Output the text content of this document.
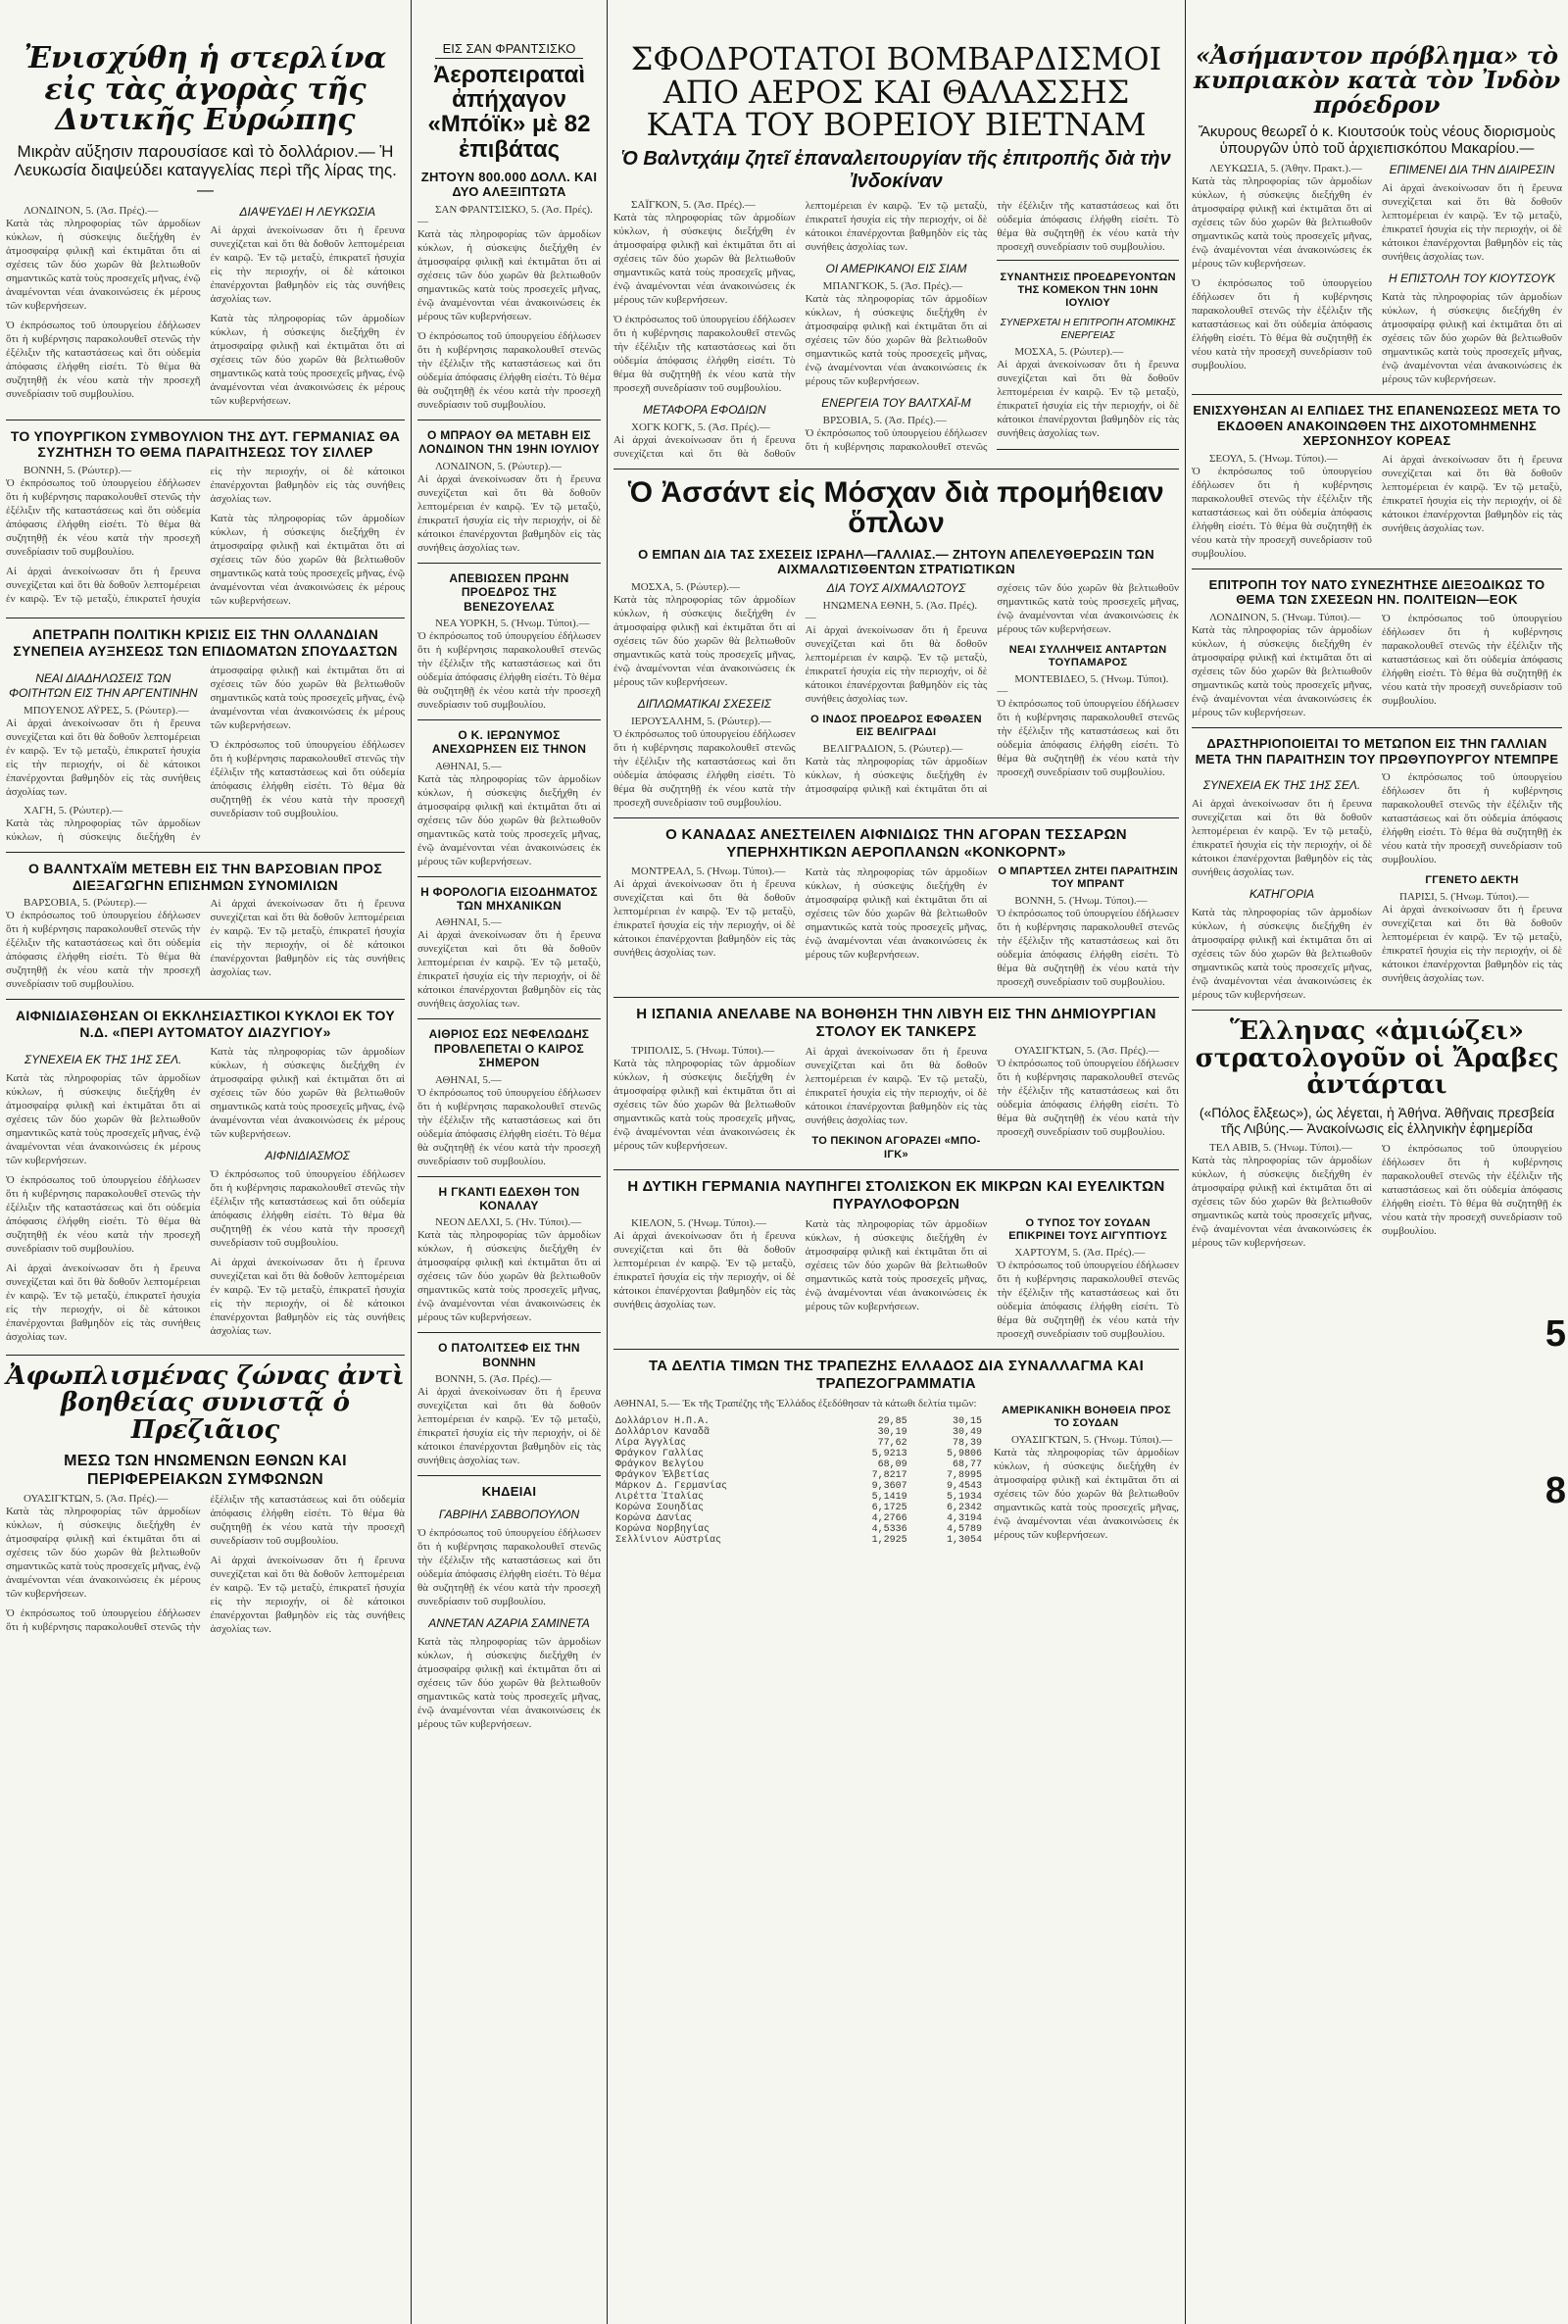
Ἐνισχύθη ἡ στερλίνα εἰς τὰς ἀγορὰς τῆς Δυτικῆς Εὐρώπης
Μικρὰν αὔξησιν παρουσίασε καὶ τὸ δολλάριον.— Ἡ Λευκωσία διαψεύδει καταγγελίας περὶ τῆς λίρας της.—

ΛΟΝΔΙΝΟΝ, 5. (Ἀσ. Πρές).—

Κατὰ τὰς πληροφορίας τῶν ἁρμοδίων κύκλων, ἡ σύσκεψις διεξήχθη ἐν ἀτμοσφαίρᾳ φιλικῇ καὶ ἐκτιμᾶται ὅτι αἱ σχέσεις τῶν δύο χωρῶν θὰ βελτιωθοῦν σημαντικῶς κατὰ τοὺς προσεχεῖς μῆνας, ἐνῷ ἀναμένονται νέαι ἀνακοινώσεις ἐκ μέρους τῶν κυβερνήσεων.

Ὁ ἐκπρόσωπος τοῦ ὑπουργείου ἐδήλωσεν ὅτι ἡ κυβέρνησις παρακολουθεῖ στενῶς τὴν ἐξέλιξιν τῆς καταστάσεως καὶ ὅτι οὐδεμία ἀπόφασις ἐλήφθη εἰσέτι. Τὸ θέμα θὰ συζητηθῇ ἐκ νέου κατὰ τὴν προσεχῆ συνεδρίασιν τοῦ συμβουλίου.

ΔΙΑΨΕΥΔΕΙ Η ΛΕΥΚΩΣΙΑ

Αἱ ἀρχαὶ ἀνεκοίνωσαν ὅτι ἡ ἔρευνα συνεχίζεται καὶ ὅτι θὰ δοθοῦν λεπτομέρειαι ἐν καιρῷ. Ἐν τῷ μεταξὺ, ἐπικρατεῖ ἡσυχία εἰς τὴν περιοχήν, οἱ δὲ κάτοικοι ἐπανέρχονται βαθμηδὸν εἰς τὰς συνήθεις ἀσχολίας των.

Κατὰ τὰς πληροφορίας τῶν ἁρμοδίων κύκλων, ἡ σύσκεψις διεξήχθη ἐν ἀτμοσφαίρᾳ φιλικῇ καὶ ἐκτιμᾶται ὅτι αἱ σχέσεις τῶν δύο χωρῶν θὰ βελτιωθοῦν σημαντικῶς κατὰ τοὺς προσεχεῖς μῆνας, ἐνῷ ἀναμένονται νέαι ἀνακοινώσεις ἐκ μέρους τῶν κυβερνήσεων.

ΤΟ ΥΠΟΥΡΓΙΚΟΝ ΣΥΜΒΟΥΛΙΟΝ ΤΗΣ ΔΥΤ. ΓΕΡΜΑΝΙΑΣ ΘΑ ΣΥΖΗΤΗΣΗ ΤΟ ΘΕΜΑ ΠΑΡΑΙΤΗΣΕΩΣ ΤΟΥ ΣΙΛΛΕΡ

ΒΟΝΝΗ, 5. (Ρώυτερ).—

Ὁ ἐκπρόσωπος τοῦ ὑπουργείου ἐδήλωσεν ὅτι ἡ κυβέρνησις παρακολουθεῖ στενῶς τὴν ἐξέλιξιν τῆς καταστάσεως καὶ ὅτι οὐδεμία ἀπόφασις ἐλήφθη εἰσέτι. Τὸ θέμα θὰ συζητηθῇ ἐκ νέου κατὰ τὴν προσεχῆ συνεδρίασιν τοῦ συμβουλίου.

Αἱ ἀρχαὶ ἀνεκοίνωσαν ὅτι ἡ ἔρευνα συνεχίζεται καὶ ὅτι θὰ δοθοῦν λεπτομέρειαι ἐν καιρῷ. Ἐν τῷ μεταξὺ, ἐπικρατεῖ ἡσυχία εἰς τὴν περιοχήν, οἱ δὲ κάτοικοι ἐπανέρχονται βαθμηδὸν εἰς τὰς συνήθεις ἀσχολίας των.

Κατὰ τὰς πληροφορίας τῶν ἁρμοδίων κύκλων, ἡ σύσκεψις διεξήχθη ἐν ἀτμοσφαίρᾳ φιλικῇ καὶ ἐκτιμᾶται ὅτι αἱ σχέσεις τῶν δύο χωρῶν θὰ βελτιωθοῦν σημαντικῶς κατὰ τοὺς προσεχεῖς μῆνας, ἐνῷ ἀναμένονται νέαι ἀνακοινώσεις ἐκ μέρους τῶν κυβερνήσεων.

ΑΠΕΤΡΑΠΗ ΠΟΛΙΤΙΚΗ ΚΡΙΣΙΣ ΕΙΣ ΤΗΝ ΟΛΛΑΝΔΙΑΝ ΣΥΝΕΠΕΙΑ ΑΥΞΗΣΕΩΣ ΤΩΝ ΕΠΙΔΟΜΑΤΩΝ ΣΠΟΥΔΑΣΤΩΝ
ΝΕΑΙ ΔΙΑΔΗΛΩΣΕΙΣ ΤΩΝ ΦΟΙΤΗΤΩΝ ΕΙΣ ΤΗΝ ΑΡΓΕΝΤΙΝΗΝ

ΜΠΟΥΕΝΟΣ ΑΫΡΕΣ, 5. (Ρώυτερ).—

Αἱ ἀρχαὶ ἀνεκοίνωσαν ὅτι ἡ ἔρευνα συνεχίζεται καὶ ὅτι θὰ δοθοῦν λεπτομέρειαι ἐν καιρῷ. Ἐν τῷ μεταξὺ, ἐπικρατεῖ ἡσυχία εἰς τὴν περιοχήν, οἱ δὲ κάτοικοι ἐπανέρχονται βαθμηδὸν εἰς τὰς συνήθεις ἀσχολίας των.

ΧΑΓΗ, 5. (Ρώυτερ).—

Κατὰ τὰς πληροφορίας τῶν ἁρμοδίων κύκλων, ἡ σύσκεψις διεξήχθη ἐν ἀτμοσφαίρᾳ φιλικῇ καὶ ἐκτιμᾶται ὅτι αἱ σχέσεις τῶν δύο χωρῶν θὰ βελτιωθοῦν σημαντικῶς κατὰ τοὺς προσεχεῖς μῆνας, ἐνῷ ἀναμένονται νέαι ἀνακοινώσεις ἐκ μέρους τῶν κυβερνήσεων.

Ὁ ἐκπρόσωπος τοῦ ὑπουργείου ἐδήλωσεν ὅτι ἡ κυβέρνησις παρακολουθεῖ στενῶς τὴν ἐξέλιξιν τῆς καταστάσεως καὶ ὅτι οὐδεμία ἀπόφασις ἐλήφθη εἰσέτι. Τὸ θέμα θὰ συζητηθῇ ἐκ νέου κατὰ τὴν προσεχῆ συνεδρίασιν τοῦ συμβουλίου.

Ο ΒΑΛΝΤΧΑΪΜ ΜΕΤΕΒΗ ΕΙΣ ΤΗΝ ΒΑΡΣΟΒΙΑΝ ΠΡΟΣ ΔΙΕΞΑΓΩΓΗΝ ΕΠΙΣΗΜΩΝ ΣΥΝΟΜΙΛΙΩΝ

ΒΑΡΣΟΒΙΑ, 5. (Ρώυτερ).—

Ὁ ἐκπρόσωπος τοῦ ὑπουργείου ἐδήλωσεν ὅτι ἡ κυβέρνησις παρακολουθεῖ στενῶς τὴν ἐξέλιξιν τῆς καταστάσεως καὶ ὅτι οὐδεμία ἀπόφασις ἐλήφθη εἰσέτι. Τὸ θέμα θὰ συζητηθῇ ἐκ νέου κατὰ τὴν προσεχῆ συνεδρίασιν τοῦ συμβουλίου.

Αἱ ἀρχαὶ ἀνεκοίνωσαν ὅτι ἡ ἔρευνα συνεχίζεται καὶ ὅτι θὰ δοθοῦν λεπτομέρειαι ἐν καιρῷ. Ἐν τῷ μεταξὺ, ἐπικρατεῖ ἡσυχία εἰς τὴν περιοχήν, οἱ δὲ κάτοικοι ἐπανέρχονται βαθμηδὸν εἰς τὰς συνήθεις ἀσχολίας των.

ΑΙΦΝΙΔΙΑΣΘΗΣΑΝ ΟΙ ΕΚΚΛΗΣΙΑΣΤΙΚΟΙ ΚΥΚΛΟΙ ΕΚ ΤΟΥ Ν.Δ. «ΠΕΡΙ ΑΥΤΟΜΑΤΟΥ ΔΙΑΖΥΓΙΟΥ»
ΣΥΝΕΧΕΙΑ ΕΚ ΤΗΣ 1ΗΣ ΣΕΛ.

Κατὰ τὰς πληροφορίας τῶν ἁρμοδίων κύκλων, ἡ σύσκεψις διεξήχθη ἐν ἀτμοσφαίρᾳ φιλικῇ καὶ ἐκτιμᾶται ὅτι αἱ σχέσεις τῶν δύο χωρῶν θὰ βελτιωθοῦν σημαντικῶς κατὰ τοὺς προσεχεῖς μῆνας, ἐνῷ ἀναμένονται νέαι ἀνακοινώσεις ἐκ μέρους τῶν κυβερνήσεων.

Ὁ ἐκπρόσωπος τοῦ ὑπουργείου ἐδήλωσεν ὅτι ἡ κυβέρνησις παρακολουθεῖ στενῶς τὴν ἐξέλιξιν τῆς καταστάσεως καὶ ὅτι οὐδεμία ἀπόφασις ἐλήφθη εἰσέτι. Τὸ θέμα θὰ συζητηθῇ ἐκ νέου κατὰ τὴν προσεχῆ συνεδρίασιν τοῦ συμβουλίου.

Αἱ ἀρχαὶ ἀνεκοίνωσαν ὅτι ἡ ἔρευνα συνεχίζεται καὶ ὅτι θὰ δοθοῦν λεπτομέρειαι ἐν καιρῷ. Ἐν τῷ μεταξὺ, ἐπικρατεῖ ἡσυχία εἰς τὴν περιοχήν, οἱ δὲ κάτοικοι ἐπανέρχονται βαθμηδὸν εἰς τὰς συνήθεις ἀσχολίας των.

Κατὰ τὰς πληροφορίας τῶν ἁρμοδίων κύκλων, ἡ σύσκεψις διεξήχθη ἐν ἀτμοσφαίρᾳ φιλικῇ καὶ ἐκτιμᾶται ὅτι αἱ σχέσεις τῶν δύο χωρῶν θὰ βελτιωθοῦν σημαντικῶς κατὰ τοὺς προσεχεῖς μῆνας, ἐνῷ ἀναμένονται νέαι ἀνακοινώσεις ἐκ μέρους τῶν κυβερνήσεων.

ΑΙΦΝΙΔΙΑΣΜΟΣ

Ὁ ἐκπρόσωπος τοῦ ὑπουργείου ἐδήλωσεν ὅτι ἡ κυβέρνησις παρακολουθεῖ στενῶς τὴν ἐξέλιξιν τῆς καταστάσεως καὶ ὅτι οὐδεμία ἀπόφασις ἐλήφθη εἰσέτι. Τὸ θέμα θὰ συζητηθῇ ἐκ νέου κατὰ τὴν προσεχῆ συνεδρίασιν τοῦ συμβουλίου.

Αἱ ἀρχαὶ ἀνεκοίνωσαν ὅτι ἡ ἔρευνα συνεχίζεται καὶ ὅτι θὰ δοθοῦν λεπτομέρειαι ἐν καιρῷ. Ἐν τῷ μεταξὺ, ἐπικρατεῖ ἡσυχία εἰς τὴν περιοχήν, οἱ δὲ κάτοικοι ἐπανέρχονται βαθμηδὸν εἰς τὰς συνήθεις ἀσχολίας των.

Ἀφωπλισμένας ζώνας ἀντὶ βοηθείας συνιστᾷ ὁ Πρεζιᾶιος
ΜΕΣΩ ΤΩΝ ΗΝΩΜΕΝΩΝ ΕΘΝΩΝ ΚΑΙ ΠΕΡΙΦΕΡΕΙΑΚΩΝ ΣΥΜΦΩΝΩΝ

ΟΥΑΣΙΓΚΤΩΝ, 5. (Ἀσ. Πρές).—

Κατὰ τὰς πληροφορίας τῶν ἁρμοδίων κύκλων, ἡ σύσκεψις διεξήχθη ἐν ἀτμοσφαίρᾳ φιλικῇ καὶ ἐκτιμᾶται ὅτι αἱ σχέσεις τῶν δύο χωρῶν θὰ βελτιωθοῦν σημαντικῶς κατὰ τοὺς προσεχεῖς μῆνας, ἐνῷ ἀναμένονται νέαι ἀνακοινώσεις ἐκ μέρους τῶν κυβερνήσεων.

Ὁ ἐκπρόσωπος τοῦ ὑπουργείου ἐδήλωσεν ὅτι ἡ κυβέρνησις παρακολουθεῖ στενῶς τὴν ἐξέλιξιν τῆς καταστάσεως καὶ ὅτι οὐδεμία ἀπόφασις ἐλήφθη εἰσέτι. Τὸ θέμα θὰ συζητηθῇ ἐκ νέου κατὰ τὴν προσεχῆ συνεδρίασιν τοῦ συμβουλίου.

Αἱ ἀρχαὶ ἀνεκοίνωσαν ὅτι ἡ ἔρευνα συνεχίζεται καὶ ὅτι θὰ δοθοῦν λεπτομέρειαι ἐν καιρῷ. Ἐν τῷ μεταξὺ, ἐπικρατεῖ ἡσυχία εἰς τὴν περιοχήν, οἱ δὲ κάτοικοι ἐπανέρχονται βαθμηδὸν εἰς τὰς συνήθεις ἀσχολίας των.

ΕΙΣ ΣΑΝ ΦΡΑΝΤΣΙΣΚΟ
Ἀεροπειραταὶ ἀπήχαγον «Μπόϊκ» μὲ 82 ἐπιβάτας
ΖΗΤΟΥΝ 800.000 ΔΟΛΛ. ΚΑΙ ΔΥΟ ΑΛΕΞΙΠΤΩΤΑ

ΣΑΝ ΦΡΑΝΤΣΙΣΚΟ, 5. (Ἀσ. Πρές).—

Κατὰ τὰς πληροφορίας τῶν ἁρμοδίων κύκλων, ἡ σύσκεψις διεξήχθη ἐν ἀτμοσφαίρᾳ φιλικῇ καὶ ἐκτιμᾶται ὅτι αἱ σχέσεις τῶν δύο χωρῶν θὰ βελτιωθοῦν σημαντικῶς κατὰ τοὺς προσεχεῖς μῆνας, ἐνῷ ἀναμένονται νέαι ἀνακοινώσεις ἐκ μέρους τῶν κυβερνήσεων.

Ὁ ἐκπρόσωπος τοῦ ὑπουργείου ἐδήλωσεν ὅτι ἡ κυβέρνησις παρακολουθεῖ στενῶς τὴν ἐξέλιξιν τῆς καταστάσεως καὶ ὅτι οὐδεμία ἀπόφασις ἐλήφθη εἰσέτι. Τὸ θέμα θὰ συζητηθῇ ἐκ νέου κατὰ τὴν προσεχῆ συνεδρίασιν τοῦ συμβουλίου.

Ο ΜΠΡΑΟΥ ΘΑ ΜΕΤΑΒΗ ΕΙΣ ΛΟΝΔΙΝΟΝ ΤΗΝ 19ΗΝ ΙΟΥΛΙΟΥ

ΛΟΝΔΙΝΟΝ, 5. (Ρώυτερ).—

Αἱ ἀρχαὶ ἀνεκοίνωσαν ὅτι ἡ ἔρευνα συνεχίζεται καὶ ὅτι θὰ δοθοῦν λεπτομέρειαι ἐν καιρῷ. Ἐν τῷ μεταξὺ, ἐπικρατεῖ ἡσυχία εἰς τὴν περιοχήν, οἱ δὲ κάτοικοι ἐπανέρχονται βαθμηδὸν εἰς τὰς συνήθεις ἀσχολίας των.

ΑΠΕΒΙΩΣΕΝ ΠΡΩΗΝ ΠΡΟΕΔΡΟΣ ΤΗΣ ΒΕΝΕΖΟΥΕΛΑΣ

ΝΕΑ ΥΟΡΚΗ, 5. (Ἠνωμ. Τύποι).—

Ὁ ἐκπρόσωπος τοῦ ὑπουργείου ἐδήλωσεν ὅτι ἡ κυβέρνησις παρακολουθεῖ στενῶς τὴν ἐξέλιξιν τῆς καταστάσεως καὶ ὅτι οὐδεμία ἀπόφασις ἐλήφθη εἰσέτι. Τὸ θέμα θὰ συζητηθῇ ἐκ νέου κατὰ τὴν προσεχῆ συνεδρίασιν τοῦ συμβουλίου.

Ο Κ. ΙΕΡΩΝΥΜΟΣ ΑΝΕΧΩΡΗΣΕΝ ΕΙΣ ΤΗΝΟΝ

ΑΘΗΝΑΙ, 5.—

Κατὰ τὰς πληροφορίας τῶν ἁρμοδίων κύκλων, ἡ σύσκεψις διεξήχθη ἐν ἀτμοσφαίρᾳ φιλικῇ καὶ ἐκτιμᾶται ὅτι αἱ σχέσεις τῶν δύο χωρῶν θὰ βελτιωθοῦν σημαντικῶς κατὰ τοὺς προσεχεῖς μῆνας, ἐνῷ ἀναμένονται νέαι ἀνακοινώσεις ἐκ μέρους τῶν κυβερνήσεων.

Η ΦΟΡΟΛΟΓΙΑ ΕΙΣΟΔΗΜΑΤΟΣ ΤΩΝ ΜΗΧΑΝΙΚΩΝ

ΑΘΗΝΑΙ, 5.—

Αἱ ἀρχαὶ ἀνεκοίνωσαν ὅτι ἡ ἔρευνα συνεχίζεται καὶ ὅτι θὰ δοθοῦν λεπτομέρειαι ἐν καιρῷ. Ἐν τῷ μεταξὺ, ἐπικρατεῖ ἡσυχία εἰς τὴν περιοχήν, οἱ δὲ κάτοικοι ἐπανέρχονται βαθμηδὸν εἰς τὰς συνήθεις ἀσχολίας των.

ΑΙΘΡΙΟΣ ΕΩΣ ΝΕΦΕΛΩΔΗΣ ΠΡΟΒΛΕΠΕΤΑΙ Ο ΚΑΙΡΟΣ ΣΗΜΕΡΟΝ

ΑΘΗΝΑΙ, 5.—

Ὁ ἐκπρόσωπος τοῦ ὑπουργείου ἐδήλωσεν ὅτι ἡ κυβέρνησις παρακολουθεῖ στενῶς τὴν ἐξέλιξιν τῆς καταστάσεως καὶ ὅτι οὐδεμία ἀπόφασις ἐλήφθη εἰσέτι. Τὸ θέμα θὰ συζητηθῇ ἐκ νέου κατὰ τὴν προσεχῆ συνεδρίασιν τοῦ συμβουλίου.

Η ΓΚΑΝΤΙ ΕΔΕΧΘΗ ΤΟΝ ΚΟΝΑΛΑΥ

ΝΕΟΝ ΔΕΛΧΙ, 5. (Ἠν. Τύποι).—

Κατὰ τὰς πληροφορίας τῶν ἁρμοδίων κύκλων, ἡ σύσκεψις διεξήχθη ἐν ἀτμοσφαίρᾳ φιλικῇ καὶ ἐκτιμᾶται ὅτι αἱ σχέσεις τῶν δύο χωρῶν θὰ βελτιωθοῦν σημαντικῶς κατὰ τοὺς προσεχεῖς μῆνας, ἐνῷ ἀναμένονται νέαι ἀνακοινώσεις ἐκ μέρους τῶν κυβερνήσεων.

Ο ΠΑΤΟΛΙΤΣΕΦ ΕΙΣ ΤΗΝ ΒΟΝΝΗΝ

ΒΟΝΝΗ, 5. (Ἀσ. Πρές).—

Αἱ ἀρχαὶ ἀνεκοίνωσαν ὅτι ἡ ἔρευνα συνεχίζεται καὶ ὅτι θὰ δοθοῦν λεπτομέρειαι ἐν καιρῷ. Ἐν τῷ μεταξὺ, ἐπικρατεῖ ἡσυχία εἰς τὴν περιοχήν, οἱ δὲ κάτοικοι ἐπανέρχονται βαθμηδὸν εἰς τὰς συνήθεις ἀσχολίας των.

ΚΗΔΕΙΑΙ
ΓΑΒΡΙΗΛ ΣΑΒΒΟΠΟΥΛΟΝ

Ὁ ἐκπρόσωπος τοῦ ὑπουργείου ἐδήλωσεν ὅτι ἡ κυβέρνησις παρακολουθεῖ στενῶς τὴν ἐξέλιξιν τῆς καταστάσεως καὶ ὅτι οὐδεμία ἀπόφασις ἐλήφθη εἰσέτι. Τὸ θέμα θὰ συζητηθῇ ἐκ νέου κατὰ τὴν προσεχῆ συνεδρίασιν τοῦ συμβουλίου.

ΑΝΝΕΤΑΝ ΑΖΑΡΙΑ ΣΑΜΙΝΕΤΑ

Κατὰ τὰς πληροφορίας τῶν ἁρμοδίων κύκλων, ἡ σύσκεψις διεξήχθη ἐν ἀτμοσφαίρᾳ φιλικῇ καὶ ἐκτιμᾶται ὅτι αἱ σχέσεις τῶν δύο χωρῶν θὰ βελτιωθοῦν σημαντικῶς κατὰ τοὺς προσεχεῖς μῆνας, ἐνῷ ἀναμένονται νέαι ἀνακοινώσεις ἐκ μέρους τῶν κυβερνήσεων.

ΣΦΟΔΡΟΤΑΤΟΙ ΒΟΜΒΑΡΔΙΣΜΟΙ ΑΠΟ ΑΕΡΟΣ ΚΑΙ ΘΑΛΑΣΣΗΣ ΚΑΤΑ ΤΟΥ ΒΟΡΕΙΟΥ ΒΙΕΤΝΑΜ
Ὁ Βαλντχάιμ ζητεῖ ἐπαναλειτουργίαν τῆς ἐπιτροπῆς διὰ τὴν Ἰνδοκίναν

ΣΑΪΓΚΟΝ, 5. (Ἀσ. Πρές).—

Κατὰ τὰς πληροφορίας τῶν ἁρμοδίων κύκλων, ἡ σύσκεψις διεξήχθη ἐν ἀτμοσφαίρᾳ φιλικῇ καὶ ἐκτιμᾶται ὅτι αἱ σχέσεις τῶν δύο χωρῶν θὰ βελτιωθοῦν σημαντικῶς κατὰ τοὺς προσεχεῖς μῆνας, ἐνῷ ἀναμένονται νέαι ἀνακοινώσεις ἐκ μέρους τῶν κυβερνήσεων.

Ὁ ἐκπρόσωπος τοῦ ὑπουργείου ἐδήλωσεν ὅτι ἡ κυβέρνησις παρακολουθεῖ στενῶς τὴν ἐξέλιξιν τῆς καταστάσεως καὶ ὅτι οὐδεμία ἀπόφασις ἐλήφθη εἰσέτι. Τὸ θέμα θὰ συζητηθῇ ἐκ νέου κατὰ τὴν προσεχῆ συνεδρίασιν τοῦ συμβουλίου.

ΜΕΤΑΦΟΡΑ ΕΦΟΔΙΩΝ

ΧΟΓΚ ΚΟΓΚ, 5. (Ἀσ. Πρές).—

Αἱ ἀρχαὶ ἀνεκοίνωσαν ὅτι ἡ ἔρευνα συνεχίζεται καὶ ὅτι θὰ δοθοῦν λεπτομέρειαι ἐν καιρῷ. Ἐν τῷ μεταξὺ, ἐπικρατεῖ ἡσυχία εἰς τὴν περιοχήν, οἱ δὲ κάτοικοι ἐπανέρχονται βαθμηδὸν εἰς τὰς συνήθεις ἀσχολίας των.

ΟΙ ΑΜΕΡΙΚΑΝΟΙ ΕΙΣ ΣΙΑΜ

ΜΠΑΝΓΚΟΚ, 5. (Ἀσ. Πρές).—

Κατὰ τὰς πληροφορίας τῶν ἁρμοδίων κύκλων, ἡ σύσκεψις διεξήχθη ἐν ἀτμοσφαίρᾳ φιλικῇ καὶ ἐκτιμᾶται ὅτι αἱ σχέσεις τῶν δύο χωρῶν θὰ βελτιωθοῦν σημαντικῶς κατὰ τοὺς προσεχεῖς μῆνας, ἐνῷ ἀναμένονται νέαι ἀνακοινώσεις ἐκ μέρους τῶν κυβερνήσεων.

ΕΝΕΡΓΕΙΑ ΤΟΥ ΒΑΛΤΧΑΪ-Μ

ΒΡΣΟΒΙΑ, 5. (Ἀσ. Πρές).—

Ὁ ἐκπρόσωπος τοῦ ὑπουργείου ἐδήλωσεν ὅτι ἡ κυβέρνησις παρακολουθεῖ στενῶς τὴν ἐξέλιξιν τῆς καταστάσεως καὶ ὅτι οὐδεμία ἀπόφασις ἐλήφθη εἰσέτι. Τὸ θέμα θὰ συζητηθῇ ἐκ νέου κατὰ τὴν προσεχῆ συνεδρίασιν τοῦ συμβουλίου.

ΣΥΝΑΝΤΗΣΙΣ ΠΡΟΕΔΡΕΥΟΝΤΩΝ ΤΗΣ ΚΟΜΕΚΟΝ ΤΗΝ 10ΗΝ ΙΟΥΛΙΟΥ
ΣΥΝΕΡΧΕΤΑΙ Η ΕΠΙΤΡΟΠΗ ΑΤΟΜΙΚΗΣ ΕΝΕΡΓΕΙΑΣ

ΜΟΣΧΑ, 5. (Ρώυτερ).—

Αἱ ἀρχαὶ ἀνεκοίνωσαν ὅτι ἡ ἔρευνα συνεχίζεται καὶ ὅτι θὰ δοθοῦν λεπτομέρειαι ἐν καιρῷ. Ἐν τῷ μεταξὺ, ἐπικρατεῖ ἡσυχία εἰς τὴν περιοχήν, οἱ δὲ κάτοικοι ἐπανέρχονται βαθμηδὸν εἰς τὰς συνήθεις ἀσχολίας των.

Ὁ Ἀσσάντ εἰς Μόσχαν διὰ προμήθειαν ὅπλων
Ο ΕΜΠΑΝ ΔΙΑ ΤΑΣ ΣΧΕΣΕΙΣ ΙΣΡΑΗΛ—ΓΑΛΛΙΑΣ.— ΖΗΤΟΥΝ ΑΠΕΛΕΥΘΕΡΩΣΙΝ ΤΩΝ ΑΙΧΜΑΛΩΤΙΣΘΕΝΤΩΝ ΣΤΡΑΤΙΩΤΙΚΩΝ

ΜΟΣΧΑ, 5. (Ρώυτερ).—

Κατὰ τὰς πληροφορίας τῶν ἁρμοδίων κύκλων, ἡ σύσκεψις διεξήχθη ἐν ἀτμοσφαίρᾳ φιλικῇ καὶ ἐκτιμᾶται ὅτι αἱ σχέσεις τῶν δύο χωρῶν θὰ βελτιωθοῦν σημαντικῶς κατὰ τοὺς προσεχεῖς μῆνας, ἐνῷ ἀναμένονται νέαι ἀνακοινώσεις ἐκ μέρους τῶν κυβερνήσεων.

ΔΙΠΛΩΜΑΤΙΚΑΙ ΣΧΕΣΕΙΣ

ΙΕΡΟΥΣΑΛΗΜ, 5. (Ρώυτερ).—

Ὁ ἐκπρόσωπος τοῦ ὑπουργείου ἐδήλωσεν ὅτι ἡ κυβέρνησις παρακολουθεῖ στενῶς τὴν ἐξέλιξιν τῆς καταστάσεως καὶ ὅτι οὐδεμία ἀπόφασις ἐλήφθη εἰσέτι. Τὸ θέμα θὰ συζητηθῇ ἐκ νέου κατὰ τὴν προσεχῆ συνεδρίασιν τοῦ συμβουλίου.

ΔΙΑ ΤΟΥΣ ΑΙΧΜΑΛΩΤΟΥΣ

ΗΝΩΜΕΝΑ ΕΘΝΗ, 5. (Ἀσ. Πρές).—

Αἱ ἀρχαὶ ἀνεκοίνωσαν ὅτι ἡ ἔρευνα συνεχίζεται καὶ ὅτι θὰ δοθοῦν λεπτομέρειαι ἐν καιρῷ. Ἐν τῷ μεταξὺ, ἐπικρατεῖ ἡσυχία εἰς τὴν περιοχήν, οἱ δὲ κάτοικοι ἐπανέρχονται βαθμηδὸν εἰς τὰς συνήθεις ἀσχολίας των.

Ο ΙΝΔΟΣ ΠΡΟΕΔΡΟΣ ΕΦΘΑΣΕΝ ΕΙΣ ΒΕΛΙΓΡΑΔΙ

ΒΕΛΙΓΡΑΔΙΟΝ, 5. (Ρώυτερ).—

Κατὰ τὰς πληροφορίας τῶν ἁρμοδίων κύκλων, ἡ σύσκεψις διεξήχθη ἐν ἀτμοσφαίρᾳ φιλικῇ καὶ ἐκτιμᾶται ὅτι αἱ σχέσεις τῶν δύο χωρῶν θὰ βελτιωθοῦν σημαντικῶς κατὰ τοὺς προσεχεῖς μῆνας, ἐνῷ ἀναμένονται νέαι ἀνακοινώσεις ἐκ μέρους τῶν κυβερνήσεων.

ΝΕΑΙ ΣΥΛΛΗΨΕΙΣ ΑΝΤΑΡΤΩΝ ΤΟΥΠΑΜΑΡΟΣ

ΜΟΝΤΕΒΙΔΕΟ, 5. (Ἠνωμ. Τύποι).—

Ὁ ἐκπρόσωπος τοῦ ὑπουργείου ἐδήλωσεν ὅτι ἡ κυβέρνησις παρακολουθεῖ στενῶς τὴν ἐξέλιξιν τῆς καταστάσεως καὶ ὅτι οὐδεμία ἀπόφασις ἐλήφθη εἰσέτι. Τὸ θέμα θὰ συζητηθῇ ἐκ νέου κατὰ τὴν προσεχῆ συνεδρίασιν τοῦ συμβουλίου.

Ο ΚΑΝΑΔΑΣ ΑΝΕΣΤΕΙΛΕΝ ΑΙΦΝΙΔΙΩΣ ΤΗΝ ΑΓΟΡΑΝ ΤΕΣΣΑΡΩΝ ΥΠΕΡΗΧΗΤΙΚΩΝ ΑΕΡΟΠΛΑΝΩΝ «ΚΟΝΚΟΡΝΤ»

ΜΟΝΤΡΕΑΛ, 5. (Ἠνωμ. Τύποι).—

Αἱ ἀρχαὶ ἀνεκοίνωσαν ὅτι ἡ ἔρευνα συνεχίζεται καὶ ὅτι θὰ δοθοῦν λεπτομέρειαι ἐν καιρῷ. Ἐν τῷ μεταξὺ, ἐπικρατεῖ ἡσυχία εἰς τὴν περιοχήν, οἱ δὲ κάτοικοι ἐπανέρχονται βαθμηδὸν εἰς τὰς συνήθεις ἀσχολίας των.

Κατὰ τὰς πληροφορίας τῶν ἁρμοδίων κύκλων, ἡ σύσκεψις διεξήχθη ἐν ἀτμοσφαίρᾳ φιλικῇ καὶ ἐκτιμᾶται ὅτι αἱ σχέσεις τῶν δύο χωρῶν θὰ βελτιωθοῦν σημαντικῶς κατὰ τοὺς προσεχεῖς μῆνας, ἐνῷ ἀναμένονται νέαι ἀνακοινώσεις ἐκ μέρους τῶν κυβερνήσεων.

Ο ΜΠΑΡΤΣΕΛ ΖΗΤΕΙ ΠΑΡΑΙΤΗΣΙΝ ΤΟΥ ΜΠΡΑΝΤ

ΒΟΝΝΗ, 5. (Ἠνωμ. Τύποι).—

Ὁ ἐκπρόσωπος τοῦ ὑπουργείου ἐδήλωσεν ὅτι ἡ κυβέρνησις παρακολουθεῖ στενῶς τὴν ἐξέλιξιν τῆς καταστάσεως καὶ ὅτι οὐδεμία ἀπόφασις ἐλήφθη εἰσέτι. Τὸ θέμα θὰ συζητηθῇ ἐκ νέου κατὰ τὴν προσεχῆ συνεδρίασιν τοῦ συμβουλίου.

Η ΙΣΠΑΝΙΑ ΑΝΕΛΑΒΕ ΝΑ ΒΟΗΘΗΣΗ ΤΗΝ ΛΙΒΥΗ ΕΙΣ ΤΗΝ ΔΗΜΙΟΥΡΓΙΑΝ ΣΤΟΛΟΥ ΕΚ ΤΑΝΚΕΡΣ

ΤΡΙΠΟΛΙΣ, 5. (Ἠνωμ. Τύποι).—

Κατὰ τὰς πληροφορίας τῶν ἁρμοδίων κύκλων, ἡ σύσκεψις διεξήχθη ἐν ἀτμοσφαίρᾳ φιλικῇ καὶ ἐκτιμᾶται ὅτι αἱ σχέσεις τῶν δύο χωρῶν θὰ βελτιωθοῦν σημαντικῶς κατὰ τοὺς προσεχεῖς μῆνας, ἐνῷ ἀναμένονται νέαι ἀνακοινώσεις ἐκ μέρους τῶν κυβερνήσεων.

Αἱ ἀρχαὶ ἀνεκοίνωσαν ὅτι ἡ ἔρευνα συνεχίζεται καὶ ὅτι θὰ δοθοῦν λεπτομέρειαι ἐν καιρῷ. Ἐν τῷ μεταξὺ, ἐπικρατεῖ ἡσυχία εἰς τὴν περιοχήν, οἱ δὲ κάτοικοι ἐπανέρχονται βαθμηδὸν εἰς τὰς συνήθεις ἀσχολίας των.

ΤΟ ΠΕΚΙΝΟΝ ΑΓΟΡΑΖΕΙ «ΜΠΟ-ΙΓΚ»

ΟΥΑΣΙΓΚΤΩΝ, 5. (Ἀσ. Πρές).—

Ὁ ἐκπρόσωπος τοῦ ὑπουργείου ἐδήλωσεν ὅτι ἡ κυβέρνησις παρακολουθεῖ στενῶς τὴν ἐξέλιξιν τῆς καταστάσεως καὶ ὅτι οὐδεμία ἀπόφασις ἐλήφθη εἰσέτι. Τὸ θέμα θὰ συζητηθῇ ἐκ νέου κατὰ τὴν προσεχῆ συνεδρίασιν τοῦ συμβουλίου.

Η ΔΥΤΙΚΗ ΓΕΡΜΑΝΙΑ ΝΑΥΠΗΓΕΙ ΣΤΟΛΙΣΚΟΝ ΕΚ ΜΙΚΡΩΝ ΚΑΙ ΕΥΕΛΙΚΤΩΝ ΠΥΡΑΥΛΟΦΟΡΩΝ

ΚΙΕΛΟΝ, 5. (Ἠνωμ. Τύποι).—

Αἱ ἀρχαὶ ἀνεκοίνωσαν ὅτι ἡ ἔρευνα συνεχίζεται καὶ ὅτι θὰ δοθοῦν λεπτομέρειαι ἐν καιρῷ. Ἐν τῷ μεταξὺ, ἐπικρατεῖ ἡσυχία εἰς τὴν περιοχήν, οἱ δὲ κάτοικοι ἐπανέρχονται βαθμηδὸν εἰς τὰς συνήθεις ἀσχολίας των.

Κατὰ τὰς πληροφορίας τῶν ἁρμοδίων κύκλων, ἡ σύσκεψις διεξήχθη ἐν ἀτμοσφαίρᾳ φιλικῇ καὶ ἐκτιμᾶται ὅτι αἱ σχέσεις τῶν δύο χωρῶν θὰ βελτιωθοῦν σημαντικῶς κατὰ τοὺς προσεχεῖς μῆνας, ἐνῷ ἀναμένονται νέαι ἀνακοινώσεις ἐκ μέρους τῶν κυβερνήσεων.

Ο ΤΥΠΟΣ ΤΟΥ ΣΟΥΔΑΝ ΕΠΙΚΡΙΝΕΙ ΤΟΥΣ ΑΙΓΥΠΤΙΟΥΣ

ΧΑΡΤΟΥΜ, 5. (Ἀσ. Πρές).—

Ὁ ἐκπρόσωπος τοῦ ὑπουργείου ἐδήλωσεν ὅτι ἡ κυβέρνησις παρακολουθεῖ στενῶς τὴν ἐξέλιξιν τῆς καταστάσεως καὶ ὅτι οὐδεμία ἀπόφασις ἐλήφθη εἰσέτι. Τὸ θέμα θὰ συζητηθῇ ἐκ νέου κατὰ τὴν προσεχῆ συνεδρίασιν τοῦ συμβουλίου.

ΤΑ ΔΕΛΤΙΑ ΤΙΜΩΝ ΤΗΣ ΤΡΑΠΕΖΗΣ ΕΛΛΑΔΟΣ ΔΙΑ ΣΥΝΑΛΛΑΓΜΑ ΚΑΙ ΤΡΑΠΕΖΟΓΡΑΜΜΑΤΙΑ

ΑΘΗΝΑΙ, 5.— Ἐκ τῆς Τραπέζης τῆς Ἑλλάδος ἐξεδόθησαν τὰ κάτωθι δελτία τιμῶν:

Δολλάριον Η.Π.Α.	29,85	30,15
Δολλάριον Καναδᾶ	30,19	30,49
Λίρα Ἀγγλίας	77,62	78,39
Φράγκον Γαλλίας	5,9213	5,9806
Φράγκον Βελγίου	68,09	68,77
Φράγκον Ἑλβετίας	7,8217	7,8995
Μάρκον Δ. Γερμανίας	9,3607	9,4543
Λιρέττα Ἰταλίας	5,1419	5,1934
Κορώνα Σουηδίας	6,1725	6,2342
Κορώνα Δανίας	4,2766	4,3194
Κορώνα Νορβηγίας	4,5336	4,5789
Σελλίνιον Αὐστρίας	1,2925	1,3054
ΑΜΕΡΙΚΑΝΙΚΗ ΒΟΗΘΕΙΑ ΠΡΟΣ ΤΟ ΣΟΥΔΑΝ

ΟΥΑΣΙΓΚΤΩΝ, 5. (Ἠνωμ. Τύποι).—

Κατὰ τὰς πληροφορίας τῶν ἁρμοδίων κύκλων, ἡ σύσκεψις διεξήχθη ἐν ἀτμοσφαίρᾳ φιλικῇ καὶ ἐκτιμᾶται ὅτι αἱ σχέσεις τῶν δύο χωρῶν θὰ βελτιωθοῦν σημαντικῶς κατὰ τοὺς προσεχεῖς μῆνας, ἐνῷ ἀναμένονται νέαι ἀνακοινώσεις ἐκ μέρους τῶν κυβερνήσεων.

«Ἀσήμαντον πρόβλημα» τὸ κυπριακὸν κατὰ τὸν Ἰνδὸν πρόεδρον
Ἄκυρους θεωρεῖ ὁ κ. Κιουτσούκ τοὺς νέους διορισμοὺς ὑπουργῶν ὑπὸ τοῦ ἀρχιεπισκόπου Μακαρίου.—

ΛΕΥΚΩΣΙΑ, 5. (Ἀθην. Πρακτ.).—

Κατὰ τὰς πληροφορίας τῶν ἁρμοδίων κύκλων, ἡ σύσκεψις διεξήχθη ἐν ἀτμοσφαίρᾳ φιλικῇ καὶ ἐκτιμᾶται ὅτι αἱ σχέσεις τῶν δύο χωρῶν θὰ βελτιωθοῦν σημαντικῶς κατὰ τοὺς προσεχεῖς μῆνας, ἐνῷ ἀναμένονται νέαι ἀνακοινώσεις ἐκ μέρους τῶν κυβερνήσεων.

Ὁ ἐκπρόσωπος τοῦ ὑπουργείου ἐδήλωσεν ὅτι ἡ κυβέρνησις παρακολουθεῖ στενῶς τὴν ἐξέλιξιν τῆς καταστάσεως καὶ ὅτι οὐδεμία ἀπόφασις ἐλήφθη εἰσέτι. Τὸ θέμα θὰ συζητηθῇ ἐκ νέου κατὰ τὴν προσεχῆ συνεδρίασιν τοῦ συμβουλίου.

ΕΠΙΜΕΝΕΙ ΔΙΑ ΤΗΝ ΔΙΑΙΡΕΣΙΝ

Αἱ ἀρχαὶ ἀνεκοίνωσαν ὅτι ἡ ἔρευνα συνεχίζεται καὶ ὅτι θὰ δοθοῦν λεπτομέρειαι ἐν καιρῷ. Ἐν τῷ μεταξὺ, ἐπικρατεῖ ἡσυχία εἰς τὴν περιοχήν, οἱ δὲ κάτοικοι ἐπανέρχονται βαθμηδὸν εἰς τὰς συνήθεις ἀσχολίας των.

Η ΕΠΙΣΤΟΛΗ ΤΟΥ ΚΙΟΥΤΣΟΥΚ

Κατὰ τὰς πληροφορίας τῶν ἁρμοδίων κύκλων, ἡ σύσκεψις διεξήχθη ἐν ἀτμοσφαίρᾳ φιλικῇ καὶ ἐκτιμᾶται ὅτι αἱ σχέσεις τῶν δύο χωρῶν θὰ βελτιωθοῦν σημαντικῶς κατὰ τοὺς προσεχεῖς μῆνας, ἐνῷ ἀναμένονται νέαι ἀνακοινώσεις ἐκ μέρους τῶν κυβερνήσεων.

ΕΝΙΣΧΥΘΗΣΑΝ ΑΙ ΕΛΠΙΔΕΣ ΤΗΣ ΕΠΑΝΕΝΩΣΕΩΣ ΜΕΤΑ ΤΟ ΕΚΔΟΘΕΝ ΑΝΑΚΟΙΝΩΘΕΝ ΤΗΣ ΔΙΧΟΤΟΜΗΜΕΝΗΣ ΧΕΡΣΟΝΗΣΟΥ ΚΟΡΕΑΣ

ΣΕΟΥΛ, 5. (Ἠνωμ. Τύποι).—

Ὁ ἐκπρόσωπος τοῦ ὑπουργείου ἐδήλωσεν ὅτι ἡ κυβέρνησις παρακολουθεῖ στενῶς τὴν ἐξέλιξιν τῆς καταστάσεως καὶ ὅτι οὐδεμία ἀπόφασις ἐλήφθη εἰσέτι. Τὸ θέμα θὰ συζητηθῇ ἐκ νέου κατὰ τὴν προσεχῆ συνεδρίασιν τοῦ συμβουλίου.

Αἱ ἀρχαὶ ἀνεκοίνωσαν ὅτι ἡ ἔρευνα συνεχίζεται καὶ ὅτι θὰ δοθοῦν λεπτομέρειαι ἐν καιρῷ. Ἐν τῷ μεταξὺ, ἐπικρατεῖ ἡσυχία εἰς τὴν περιοχήν, οἱ δὲ κάτοικοι ἐπανέρχονται βαθμηδὸν εἰς τὰς συνήθεις ἀσχολίας των.

ΕΠΙΤΡΟΠΗ ΤΟΥ ΝΑΤΟ ΣΥΝΕΖΗΤΗΣΕ ΔΙΕΞΟΔΙΚΩΣ ΤΟ ΘΕΜΑ ΤΩΝ ΣΧΕΣΕΩΝ ΗΝ. ΠΟΛΙΤΕΙΩΝ—ΕΟΚ

ΛΟΝΔΙΝΟΝ, 5. (Ἠνωμ. Τύποι).—

Κατὰ τὰς πληροφορίας τῶν ἁρμοδίων κύκλων, ἡ σύσκεψις διεξήχθη ἐν ἀτμοσφαίρᾳ φιλικῇ καὶ ἐκτιμᾶται ὅτι αἱ σχέσεις τῶν δύο χωρῶν θὰ βελτιωθοῦν σημαντικῶς κατὰ τοὺς προσεχεῖς μῆνας, ἐνῷ ἀναμένονται νέαι ἀνακοινώσεις ἐκ μέρους τῶν κυβερνήσεων.

Ὁ ἐκπρόσωπος τοῦ ὑπουργείου ἐδήλωσεν ὅτι ἡ κυβέρνησις παρακολουθεῖ στενῶς τὴν ἐξέλιξιν τῆς καταστάσεως καὶ ὅτι οὐδεμία ἀπόφασις ἐλήφθη εἰσέτι. Τὸ θέμα θὰ συζητηθῇ ἐκ νέου κατὰ τὴν προσεχῆ συνεδρίασιν τοῦ συμβουλίου.

ΔΡΑΣΤΗΡΙΟΠΟΙΕΙΤΑΙ ΤΟ ΜΕΤΩΠΟΝ ΕΙΣ ΤΗΝ ΓΑΛΛΙΑΝ ΜΕΤΑ ΤΗΝ ΠΑΡΑΙΤΗΣΙΝ ΤΟΥ ΠΡΩΘΥΠΟΥΡΓΟΥ ΝΤΕΜΠΡΕ
ΣΥΝΕΧΕΙΑ ΕΚ ΤΗΣ 1ΗΣ ΣΕΛ.

Αἱ ἀρχαὶ ἀνεκοίνωσαν ὅτι ἡ ἔρευνα συνεχίζεται καὶ ὅτι θὰ δοθοῦν λεπτομέρειαι ἐν καιρῷ. Ἐν τῷ μεταξὺ, ἐπικρατεῖ ἡσυχία εἰς τὴν περιοχήν, οἱ δὲ κάτοικοι ἐπανέρχονται βαθμηδὸν εἰς τὰς συνήθεις ἀσχολίας των.

ΚΑΤΗΓΟΡΙΑ

Κατὰ τὰς πληροφορίας τῶν ἁρμοδίων κύκλων, ἡ σύσκεψις διεξήχθη ἐν ἀτμοσφαίρᾳ φιλικῇ καὶ ἐκτιμᾶται ὅτι αἱ σχέσεις τῶν δύο χωρῶν θὰ βελτιωθοῦν σημαντικῶς κατὰ τοὺς προσεχεῖς μῆνας, ἐνῷ ἀναμένονται νέαι ἀνακοινώσεις ἐκ μέρους τῶν κυβερνήσεων.

Ὁ ἐκπρόσωπος τοῦ ὑπουργείου ἐδήλωσεν ὅτι ἡ κυβέρνησις παρακολουθεῖ στενῶς τὴν ἐξέλιξιν τῆς καταστάσεως καὶ ὅτι οὐδεμία ἀπόφασις ἐλήφθη εἰσέτι. Τὸ θέμα θὰ συζητηθῇ ἐκ νέου κατὰ τὴν προσεχῆ συνεδρίασιν τοῦ συμβουλίου.

ΓΓΕΝΕΤΟ ΔΕΚΤΗ

ΠΑΡΙΣΙ, 5. (Ἠνωμ. Τύποι).—

Αἱ ἀρχαὶ ἀνεκοίνωσαν ὅτι ἡ ἔρευνα συνεχίζεται καὶ ὅτι θὰ δοθοῦν λεπτομέρειαι ἐν καιρῷ. Ἐν τῷ μεταξὺ, ἐπικρατεῖ ἡσυχία εἰς τὴν περιοχήν, οἱ δὲ κάτοικοι ἐπανέρχονται βαθμηδὸν εἰς τὰς συνήθεις ἀσχολίας των.

Ἕλληνας «ἀμιώζει» στρατολογοῦν οἱ Ἄραβες ἀντάρται
(«Πόλος ἔλξεως»), ὡς λέγεται, ἡ Ἀθήνα. Ἀθῆναις πρεσβεία τῆς Λιβύης.— Ἀνακοίνωσις εἰς ἑλληνικὴν ἐφημερίδα

ΤΕΛ ΑΒΙΒ, 5. (Ἠνωμ. Τύποι).—

Κατὰ τὰς πληροφορίας τῶν ἁρμοδίων κύκλων, ἡ σύσκεψις διεξήχθη ἐν ἀτμοσφαίρᾳ φιλικῇ καὶ ἐκτιμᾶται ὅτι αἱ σχέσεις τῶν δύο χωρῶν θὰ βελτιωθοῦν σημαντικῶς κατὰ τοὺς προσεχεῖς μῆνας, ἐνῷ ἀναμένονται νέαι ἀνακοινώσεις ἐκ μέρους τῶν κυβερνήσεων.

Ὁ ἐκπρόσωπος τοῦ ὑπουργείου ἐδήλωσεν ὅτι ἡ κυβέρνησις παρακολουθεῖ στενῶς τὴν ἐξέλιξιν τῆς καταστάσεως καὶ ὅτι οὐδεμία ἀπόφασις ἐλήφθη εἰσέτι. Τὸ θέμα θὰ συζητηθῇ ἐκ νέου κατὰ τὴν προσεχῆ συνεδρίασιν τοῦ συμβουλίου.

5
8
